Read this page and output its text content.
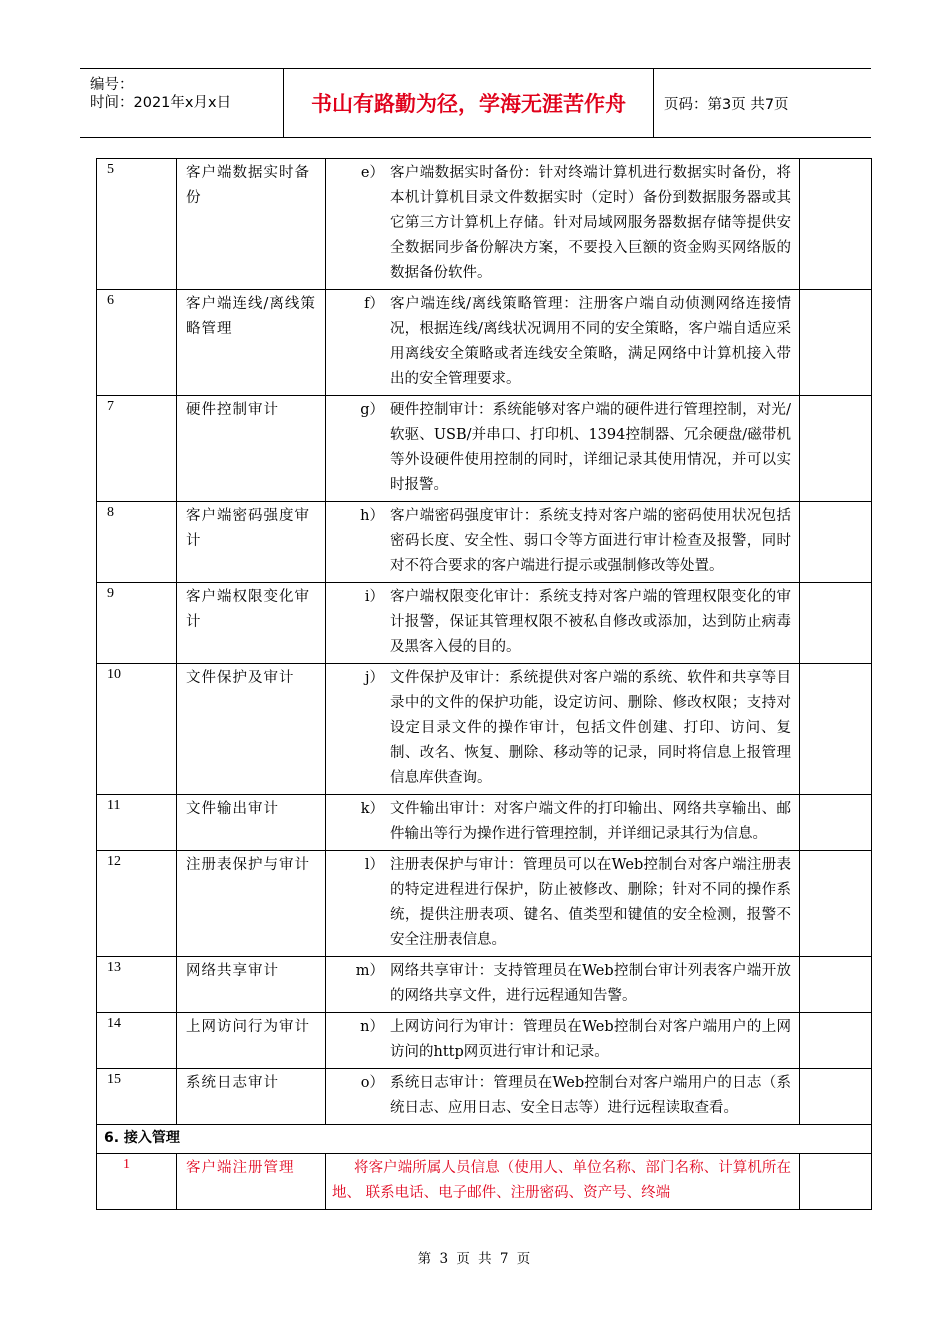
编号：
时间：2021年x月x日	书山有路勤为径，学海无涯苦作舟	页码：第3页 共7页
5	客户端数据实时备份	e） 客户端数据实时备份：针对终端计算机进行数据实时备份，将本机计算机目录文件数据实时（定时）备份到数据服务器或其它第三方计算机上存储。针对局域网服务器数据存储等提供安全数据同步备份解决方案，不要投入巨额的资金购买网络版的数据备份软件。	

6	客户端连线/离线策略管理	f） 客户端连线/离线策略管理：注册客户端自动侦测网络连接情况，根据连线/离线状况调用不同的安全策略，客户端自适应采用离线安全策略或者连线安全策略，满足网络中计算机接入带出的安全管理要求。	

7	硬件控制审计	g） 硬件控制审计：系统能够对客户端的硬件进行管理控制，对光/软驱、USB/并串口、打印机、1394控制器、冗余硬盘/磁带机等外设硬件使用控制的同时，详细记录其使用情况，并可以实时报警。	

8	客户端密码强度审计	h） 客户端密码强度审计：系统支持对客户端的密码使用状况包括密码长度、安全性、弱口令等方面进行审计检查及报警，同时对不符合要求的客户端进行提示或强制修改等处置。	

9	客户端权限变化审计	i） 客户端权限变化审计：系统支持对客户端的管理权限变化的审计报警，保证其管理权限不被私自修改或添加，达到防止病毒及黑客入侵的目的。	

10	文件保护及审计	j） 文件保护及审计：系统提供对客户端的系统、软件和共享等目录中的文件的保护功能，设定访问、删除、修改权限；支持对设定目录文件的操作审计，包括文件创建、打印、访问、复制、改名、恢复、删除、移动等的记录，同时将信息上报管理信息库供查询。	

11	文件输出审计	k） 文件输出审计：对客户端文件的打印输出、网络共享输出、邮件输出等行为操作进行管理控制，并详细记录其行为信息。	

12	注册表保护与审计	l） 注册表保护与审计：管理员可以在Web控制台对客户端注册表的特定进程进行保护，防止被修改、删除；针对不同的操作系统，提供注册表项、键名、值类型和键值的安全检测，报警不安全注册表信息。	

13	网络共享审计	m） 网络共享审计：支持管理员在Web控制台审计列表客户端开放的网络共享文件，进行远程通知告警。	

14	上网访问行为审计	n） 上网访问行为审计：管理员在Web控制台对客户端用户的上网访问的http网页进行审计和记录。	

15	系统日志审计	o） 系统日志审计：管理员在Web控制台对客户端用户的日志（系统日志、应用日志、安全日志等）进行远程读取查看。	

6. 接入管理			
1	客户端注册管理	将客户端所属人员信息（使用人、单位名称、部门名称、计算机所在地、 联系电话、电子邮件、注册密码、资产号、终端	
第 3 页 共 7 页
